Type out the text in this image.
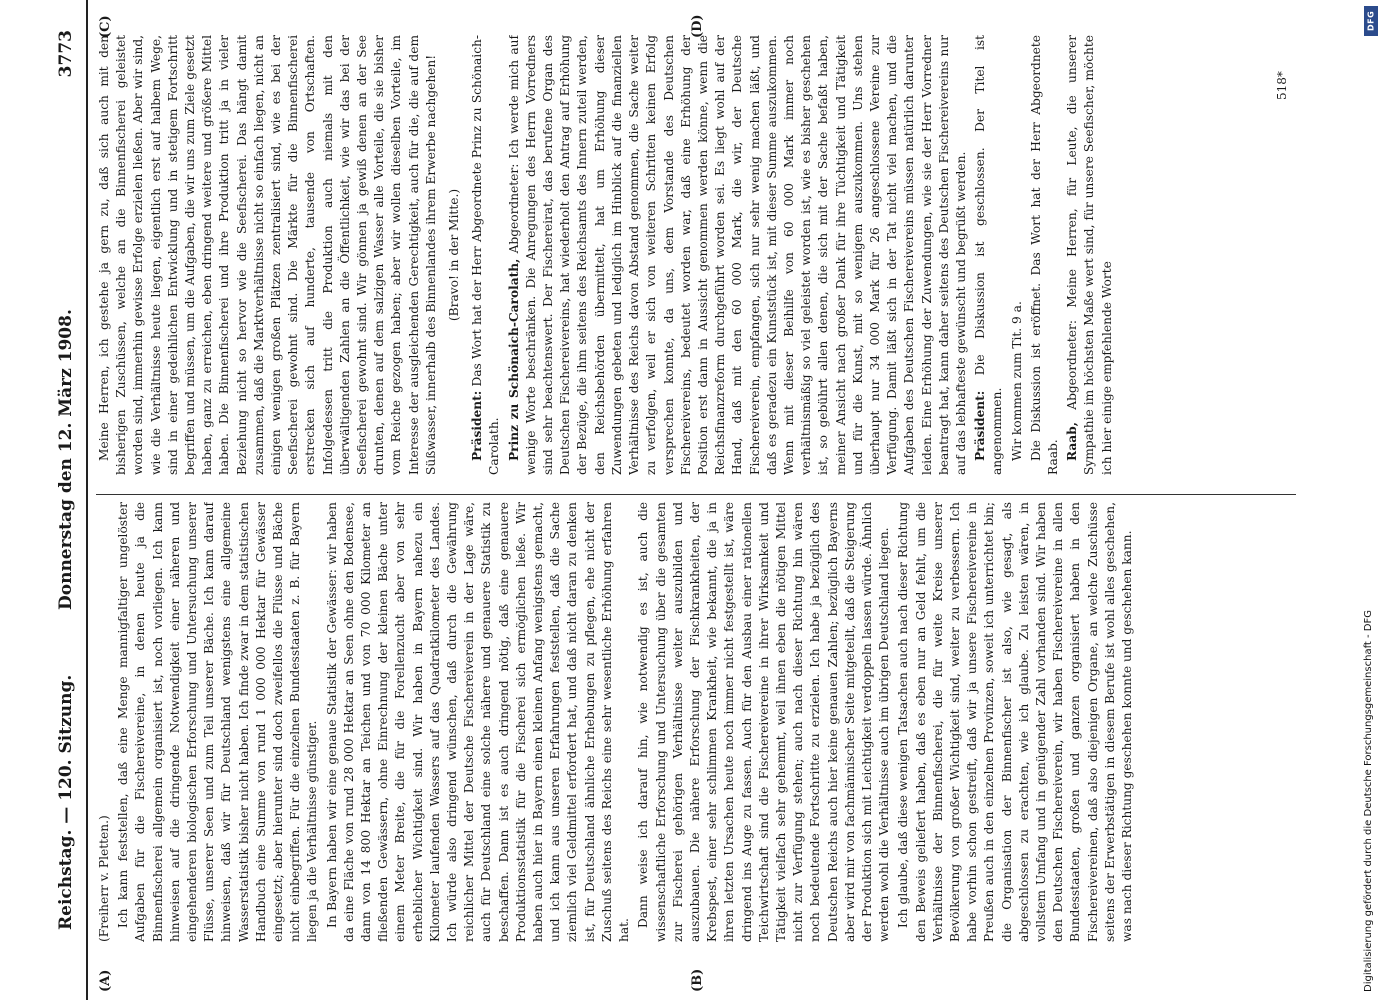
Reichstag. — 120. Sitzung.
Donnerstag den 12. März 1908.
3773
(A)	(B)
(C)	(D)

(Freiherr v. Pletten.) Ich kann feststellen, daß eine Menge mannigfaltiger ungelöster Aufgaben für die Fischereivereine, in denen heute ja die Binnenfischerei allgemein organisiert ist, noch vorliegen. Ich kann hinweisen auf die dringende Notwendigkeit einer näheren und eingehenderen biologischen Erforschung und Untersuchung unserer Flüsse, unserer Seen und zum Teil unserer Bäche. Ich kann darauf hinweisen, daß wir für Deutschland wenigstens eine allgemeine Wasserstatistik bisher nicht haben. Ich finde zwar in dem statistischen Handbuch eine Summe von rund 1 000 000 Hektar für Gewässer eingesetzt; aber hierunter sind doch zweifellos die Flüsse und Bäche nicht einbegriffen. Für die einzelnen Bundesstaaten z. B. für Bayern liegen ja die Verhältnisse günstiger. In Bayern haben wir eine genaue Statistik der Gewässer: wir haben da eine Fläche von rund 28 000 Hektar an Seen ohne den Bodensee, dann von 14 800 Hektar an Teichen und von 70 000 Kilometer an fließenden Gewässern, ohne Einrechnung der kleinen Bäche unter einem Meter Breite, die für die Forellenzucht aber von sehr erheblicher Wichtigkeit sind. Wir haben in Bayern nahezu ein Kilometer laufenden Wassers auf das Quadratkilometer des Landes. Ich würde also dringend wünschen, daß durch die Gewährung reichlicher Mittel der Deutsche Fischereiverein in der Lage wäre, auch für Deutschland eine solche nähere und genauere Statistik zu beschaffen. Dann ist es auch dringend nötig, daß eine genauere Produktionsstatistik für die Fischerei sich ermöglichen ließe. Wir haben auch hier in Bayern einen kleinen Anfang wenigstens gemacht, und ich kann aus unseren Erfahrungen feststellen, daß die Sache ziemlich viel Geldmittel erfordert hat, und daß nicht daran zu denken ist, für Deutschland ähnliche Erhebungen zu pflegen, ehe nicht der Zuschuß seitens des Reichs eine sehr wesentliche Erhöhung erfahren hat.

Dann weise ich darauf hin, wie notwendig es ist, auch die wissenschaftliche Erforschung und Untersuchung über die gesamten zur Fischerei gehörigen Verhältnisse weiter auszubilden und auszubauen. Die nähere Erforschung der Fischkrankheiten, der Krebspest, einer sehr schlimmen Krankheit, wie bekannt, die ja in ihren letzten Ursachen heute noch immer nicht festgestellt ist, wäre dringend ins Auge zu fassen. Auch für den Ausbau einer rationellen Teichwirtschaft sind die Fischereivereine in ihrer Wirksamkeit und Tätigkeit vielfach sehr gehemmt, weil ihnen eben die nötigen Mittel nicht zur Verfügung stehen; auch nach dieser Richtung hin wären noch bedeutende Fortschritte zu erzielen. Ich habe ja bezüglich des Deutschen Reichs auch hier keine genauen Zahlen; bezüglich Bayerns aber wird mir von fachmännischer Seite mitgeteilt, daß die Steigerung der Produktion sich mit Leichtigkeit verdoppeln lassen würde. Ähnlich werden wohl die Verhältnisse auch im übrigen Deutschland liegen. Ich glaube, daß diese wenigen Tatsachen auch nach dieser Richtung den Beweis geliefert haben, daß es eben nur an Geld fehlt, um die Verhältnisse der Binnenfischerei, die für weite Kreise unserer Bevölkerung von großer Wichtigkeit sind, weiter zu verbessern. Ich habe vorhin schon gestreift, daß wir ja unsere Fischereivereine in Preußen auch in den einzelnen Provinzen, soweit ich unterrichtet bin; die Organisation der Binnenfischer ist also, wie gesagt, als abgeschlossen zu erachten, wie ich glaube. Zu leisten wären, in vollstem Umfang und in genügender Zahl vorhanden sind. Wir haben den Deutschen Fischereiverein, wir haben Fischereivereine in allen Bundesstaaten, großen und ganzen organisiert haben in den Fischereivereinen, daß also diejenigen Organe, an welche Zuschüsse seitens der Erwerbstätigen in diesem Berufe ist wohl alles geschehen, was nach dieser Richtung geschehen konnte und geschehen kann.

Meine Herren, ich gestehe ja gern zu, daß sich auch mit den bisherigen Zuschüssen, welche an die Binnenfischerei geleistet worden sind, immerhin gewisse Erfolge erzielen ließen. Aber wir sind, wie die Verhältnisse heute liegen, eigentlich erst auf halbem Wege, sind in einer gedeihlichen Entwicklung und in stetigem Fortschritt begriffen und müssen, um die Aufgaben, die wir uns zum Ziele gesetzt haben, ganz zu erreichen, eben dringend weitere und größere Mittel haben. Die Binnenfischerei und ihre Produktion tritt ja in vieler Beziehung nicht so hervor wie die Seefischerei. Das hängt damit zusammen, daß die Marktverhältnisse nicht so einfach liegen, nicht an einigen wenigen großen Plätzen zentralisiert sind, wie es bei der Seefischerei gewohnt sind. Die Märkte für die Binnenfischerei erstrecken sich auf hunderte, tausende von Ortschaften. Infolgedessen tritt die Produktion auch niemals mit den überwältigenden Zahlen an die Öffentlichkeit, wie wir das bei der Seefischerei gewohnt sind. Wir gönnen ja gewiß denen an der See drunten, denen auf dem salzigen Wasser alle Vorteile, die sie bisher vom Reiche gezogen haben; aber wir wollen dieselben Vorteile, im Interesse der ausgleichenden Gerechtigkeit, auch für die, die auf dem Süßwasser, innerhalb des Binnenlandes ihrem Erwerbe nachgehen! (Bravo! in der Mitte.)

Präsident: Das Wort hat der Herr Abgeordnete Prinz zu Schönaich-Carolath. Prinz zu Schönaich-Carolath, Abgeordneter: Ich werde mich auf wenige Worte beschränken. Die Anregungen des Herrn Vorredners sind sehr beachtenswert. Der Fischereirat, das berufene Organ des Deutschen Fischereivereins, hat wiederholt den Antrag auf Erhöhung der Bezüge, die ihm seitens des Reichsamts des Innern zuteil werden, den Reichsbehörden übermittelt, hat um Erhöhung dieser Zuwendungen gebeten und lediglich im Hinblick auf die finanziellen Verhältnisse des Reichs davon Abstand genommen, die Sache weiter zu verfolgen, weil er sich von weiteren Schritten keinen Erfolg versprechen konnte, da uns, dem Vorstande des Deutschen Fischereivereins, bedeutet worden war, daß eine Erhöhung der Position erst dann in Aussicht genommen werden könne, wenn die Reichsfinanzreform durchgeführt worden sei. Es liegt wohl auf der Hand, daß mit den 60 000 Mark, die wir, der Deutsche Fischereiverein, empfangen, sich nur sehr wenig machen läßt, und daß es geradezu ein Kunststück ist, mit dieser Summe auszukommen. Wenn mit dieser Beihilfe von 60 000 Mark immer noch verhältnismäßig so viel geleistet worden ist, wie es bisher geschehen ist, so gebührt allen denen, die sich mit der Sache befaßt haben, meiner Ansicht nach großer Dank für ihre Tüchtigkeit und Tätigkeit und für die Kunst, mit so wenigem auszukommen. Uns stehen überhaupt nur 34 000 Mark für 26 angeschlossene Vereine zur Verfügung. Damit läßt sich in der Tat nicht viel machen, und die Aufgaben des Deutschen Fischereivereins müssen natürlich darunter leiden. Eine Erhöhung der Zuwendungen, wie sie der Herr Vorredner beantragt hat, kann daher seitens des Deutschen Fischereivereins nur auf das lebhafteste gewünscht und begrüßt werden. Präsident: Die Diskussion ist geschlossen. Der Titel ist angenommen. Wir kommen zum Tit. 9 a. Die Diskussion ist eröffnet. Das Wort hat der Herr Abgeordnete Raab. Raab, Abgeordneter: Meine Herren, für Leute, die unserer Sympathie im höchsten Maße wert sind, für unsere Seefischer, möchte ich hier einige empfehlende Worte

518*
DFG
Digitalisierung gefördert durch die Deutsche Forschungsgemeinschaft - DFG
